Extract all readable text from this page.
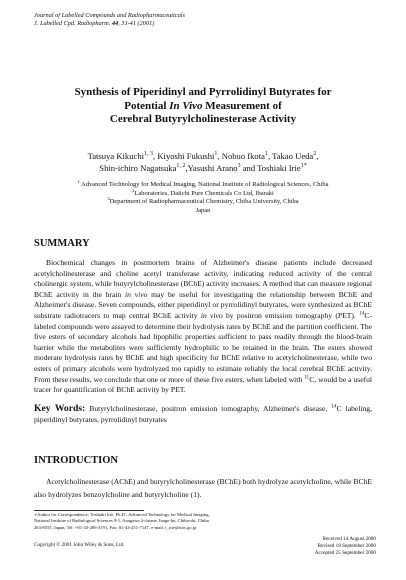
Journal of Labelled Compounds and Radiopharmaceuticals
J. Labelled Cpd. Radiopharm. 44, 31-41 (2001)
Synthesis of Piperidinyl and Pyrrolidinyl Butyrates for
Potential In Vivo Measurement of
Cerebral Butyrylcholinesterase Activity
Tatsuya Kikuchi$^{1, 3}$, Kiyoshi Fukushi$^1$, Nobuo Ikota$^1$, Takao Ueda$^2$,
Shin-ichiro Nagatsuka$^{1, 2}$,Yasushi Arano$^3$ and Toshiaki Irie$^{1*}$
$^1$ Advanced Technology for Medical Imaging, National Institute of Radiological Sciences, Chiba
$^2$Laboratories, Daiichi Pure Chemicals Co Ltd, Ibaraki
$^3$Department of Radiopharmaceutical Chemistry, Chiba University, Chiba
Japan
SUMMARY
Biochemical changes in postmortem brains of Alzheimer's disease patients include decreased acetylcholinesterase and choline acetyl transferase activity, indicating reduced activity of the central cholinergic system, while butyrylcholinesterase (BChE) activity increases. A method that can measure regional BChE activity in the brain in vivo may be useful for investigating the relationship between BChE and Alzheimer's disease. Seven compounds, either piperidinyl or pyrrolidinyl butyrates, were synthesized as BChE substrate radiotracers to map central BChE activity in vivo by positron emission tomography (PET). $^{14}$C-labeled compounds were assayed to determine their hydrolysis rates by BChE and the partition coefficient. The five esters of secondary alcohols had lipophilic properties sufficient to pass readily through the blood-brain barrier while the metabolites were sufficiently hydrophilic to be retained in the brain. The esters showed moderate hydrolysis rates by BChE and high specificity for BChE relative to acetylcholinesterase, while two esters of primary alcohols were hydrolyzed too rapidly to estimate reliably the local cerebral BChE activity. From these results, we conclude that one or more of these five esters, when labeled with $^{11}$C, would be a useful tracer for quantification of BChE activity by PET.
Key Words: Butyrylcholinesterase, positron emission tomography, Alzheimer's disease, $^{14}$C labeling, piperidinyl butyrates, pyrrolidinyl butyrates
INTRODUCTION
Acetylcholinesterase (AChE) and butyrylcholinesterase (BChE) both hydrolyze acetylcholine, while BChE also hydrolyzes benzoylcholine and butyrylcholine (1).
∗Author for Correspondence: Toshiaki Irie, Ph.D., Advanced Technology for Medical Imaging,
National Institute of Radiological Sciences 9-1, Anagawa 4-chome, Inage-ku, Chiba-shi, Chiba
263-8555, Japan, Tel: +81-43-206-3191, Fax: 81-43-251-7147, e-mail: t_irie@nirs.go.jp
Copyright © 2001 John Wiley & Sons, Ltd.
Received 14 August 2000
Revised 18 September 2000
Accepted 25 September 2000
